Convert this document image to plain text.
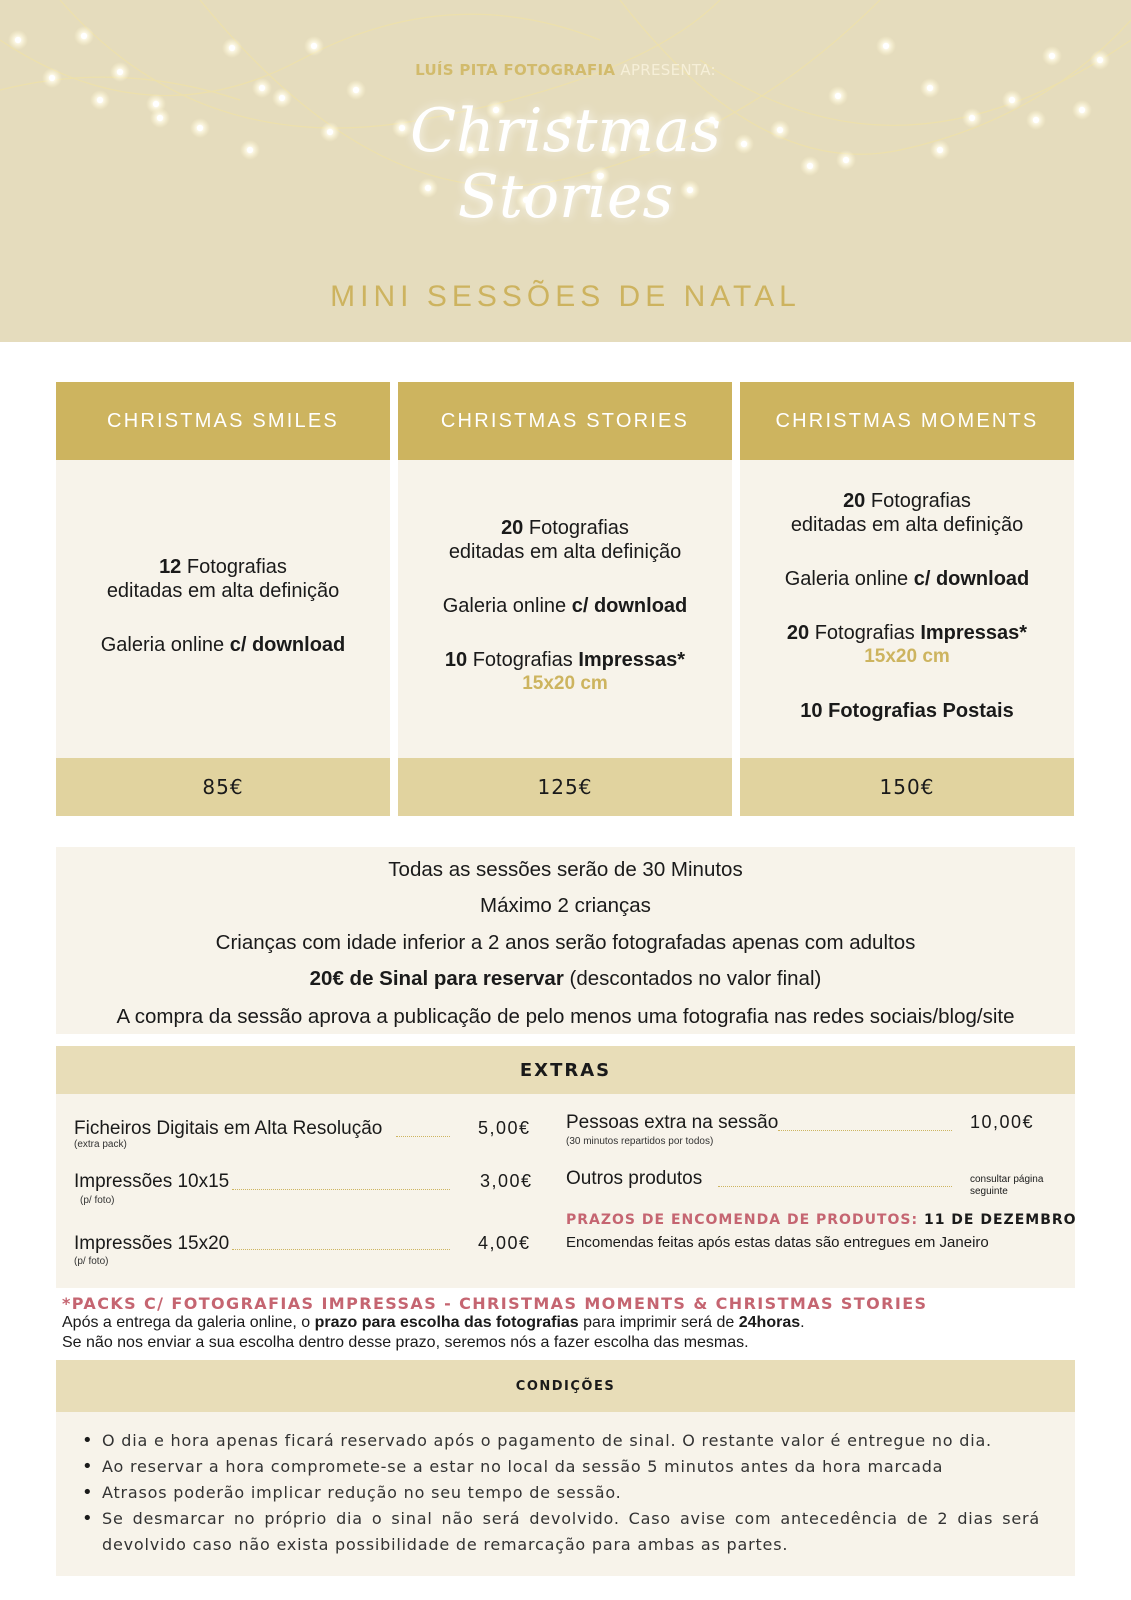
LUÍS PITA FOTOGRAFIA APRESENTA:
Christmas
Stories
MINI SESSÕES DE NATAL
CHRISTMAS SMILES
12 Fotografias
editadas em alta definição
Galeria online c/ download
85€
CHRISTMAS STORIES
20 Fotografias
editadas em alta definição
Galeria online c/ download
10 Fotografias Impressas*
15x20 cm
125€
CHRISTMAS MOMENTS
20 Fotografias
editadas em alta definição
Galeria online c/ download
20 Fotografias Impressas*
15x20 cm
10 Fotografias Postais
150€

Todas as sessões serão de 30 Minutos

Máximo 2 crianças

Crianças com idade inferior a 2 anos serão fotografadas apenas com adultos

20€ de Sinal para reservar (descontados no valor final)

A compra da sessão aprova a publicação de pelo menos uma fotografia nas redes sociais/blog/site

EXTRAS
Ficheiros Digitais em Alta Resolução
(extra pack)
5,00€
Impressões 10x15
(p/ foto)
3,00€
Impressões 15x20
(p/ foto)
4,00€
Pessoas extra na sessão
(30 minutos repartidos por todos)
10,00€
Outros produtos	consultar página seguinte
PRAZOS DE ENCOMENDA DE PRODUTOS: 11 DE DEZEMBRO
Encomendas feitas após estas datas são entregues em Janeiro
*PACKS C/ FOTOGRAFIAS IMPRESSAS - CHRISTMAS MOMENTS & CHRISTMAS STORIES
Após a entrega da galeria online, o prazo para escolha das fotografias para imprimir será de 24horas.
Se não nos enviar a sua escolha dentro desse prazo, seremos nós a fazer escolha das mesmas.
CONDIÇÕES
• O dia e hora apenas ficará reservado após o pagamento de sinal. O restante valor é entregue no dia.
• Ao reservar a hora compromete-se a estar no local da sessão 5 minutos antes da hora marcada
• Atrasos poderão implicar redução no seu tempo de sessão.
• Se desmarcar no próprio dia o sinal não será devolvido. Caso avise com antecedência de 2 dias será devolvido caso não exista possibilidade de remarcação para ambas as partes.
